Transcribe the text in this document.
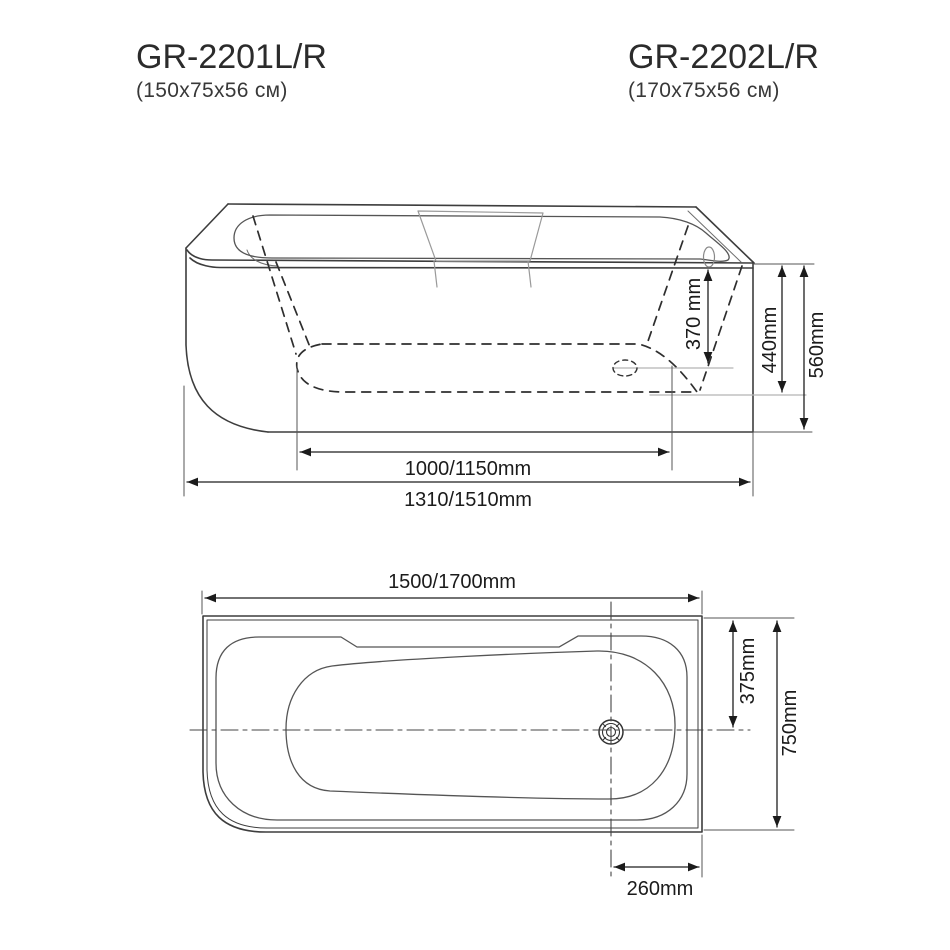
GR-2201L/R
(150x75x56 см)
GR-2202L/R
(170x75x56 см)
370 mm	440mm 560mm
1000/1150mm
1310/1510mm
1500/1700mm
375mm
750mm
260mm
